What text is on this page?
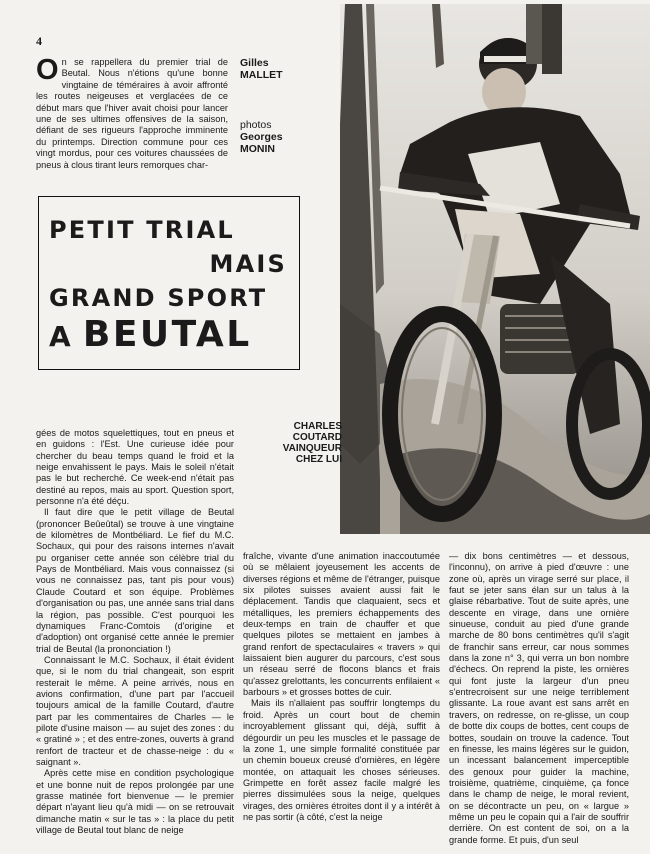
4
On se rappellera du premier trial de Beutal. Nous n'étions qu'une bonne vingtaine de téméraires à avoir affronté les routes neigeuses et verglacées de ce début mars que l'hiver avait choisi pour lancer une de ses ultimes offensives de la saison, défiant de ses rigueurs l'approche imminente du printemps. Direction commune pour ces vingt mordus, pour ces voitures chaussées de pneus à clous tirant leurs remorques char-
Gilles
MALLET
photos
Georges
MONIN
PETIT TRIAL
MAIS
GRAND SPORT
A BEUTAL
CHARLES
COUTARD
VAINQUEUR
CHEZ LUI

gées de motos squelettiques, tout en pneus et en guidons : l'Est. Une curieuse idée pour chercher du beau temps quand le froid et la neige envahissent le pays. Mais le soleil n'était pas le but recherché. Ce week-end n'était pas destiné au repos, mais au sport. Question sport, personne n'a été déçu.

Il faut dire que le petit village de Beutal (prononcer Beûeûtal) se trouve à une vingtaine de kilomètres de Montbéliard. Le fief du M.C. Sochaux, qui pour des raisons internes n'avait pu organiser cette année son célèbre trial du Pays de Montbéliard. Mais vous connaissez (si vous ne connaissez pas, tant pis pour vous) Claude Coutard et son équipe. Problèmes d'organisation ou pas, une année sans trial dans la région, pas possible. C'est pourquoi les dynamiques Franc-Comtois (d'origine et d'adoption) ont organisé cette année le premier trial de Beutal (la prononciation !)

Connaissant le M.C. Sochaux, il était évident que, si le nom du trial changeait, son esprit resterait le même. A peine arrivés, nous en avions confirmation, d'une part par l'accueil toujours amical de la famille Coutard, d'autre part par les commentaires de Charles — le pilote d'usine maison — au sujet des zones : du « gratiné » ; et des entre-zones, ouverts à grand renfort de tracteur et de chasse-neige : du « saignant ».

Après cette mise en condition psychologique et une bonne nuit de repos prolongée par une grasse matinée fort bienvenue — le premier départ n'ayant lieu qu'à midi — on se retrouvait dimanche matin « sur le tas » : la place du petit village de Beutal tout blanc de neige

fraîche, vivante d'une animation inaccoutumée où se mêlaient joyeusement les accents de diverses régions et même de l'étranger, puisque six pilotes suisses avaient aussi fait le déplacement. Tandis que claquaient, secs et métalliques, les premiers échappements des deux-temps en train de chauffer et que quelques pilotes se mettaient en jambes à grand renfort de spectaculaires « travers » qui laissaient bien augurer du parcours, c'est sous un réseau serré de flocons blancs et frais qu'assez grelottants, les concurrents enfilaient « barbours » et grosses bottes de cuir.

Mais ils n'allaient pas souffrir longtemps du froid. Après un court bout de chemin incroyablement glissant qui, déjà, suffit à dégourdir un peu les muscles et le passage de la zone 1, une simple formalité constituée par un chemin boueux creusé d'ornières, en légère montée, on attaquait les choses sérieuses. Grimpette en forêt assez facile malgré les pierres dissimulées sous la neige, quelques virages, des ornières étroites dont il y a intérêt à ne pas sortir (à côté, c'est la neige

— dix bons centimètres — et dessous, l'inconnu), on arrive à pied d'œuvre : une zone où, après un virage serré sur place, il faut se jeter sans élan sur un talus à la glaise rébarbative. Tout de suite après, une descente en virage, dans une ornière sinueuse, conduit au pied d'une grande marche de 80 bons centimètres qu'il s'agit de franchir sans erreur, car nous sommes dans la zone n° 3, qui verra un bon nombre d'échecs. On reprend la piste, les ornières qui font juste la largeur d'un pneu s'entrecroisent sur une neige terriblement glissante. La roue avant est sans arrêt en travers, on redresse, on re-glisse, un coup de botte dix coups de bottes, cent coups de bottes, soudain on trouve la cadence. Tout en finesse, les mains légères sur le guidon, un incessant balancement imperceptible des genoux pour guider la machine, troisième, quatrième, cinquième, ça fonce dans le champ de neige, le moral revient, on se décontracte un peu, on « largue » même un peu le copain qui a l'air de souffrir derrière. On est content de soi, on a la grande forme. Et puis, d'un seul
